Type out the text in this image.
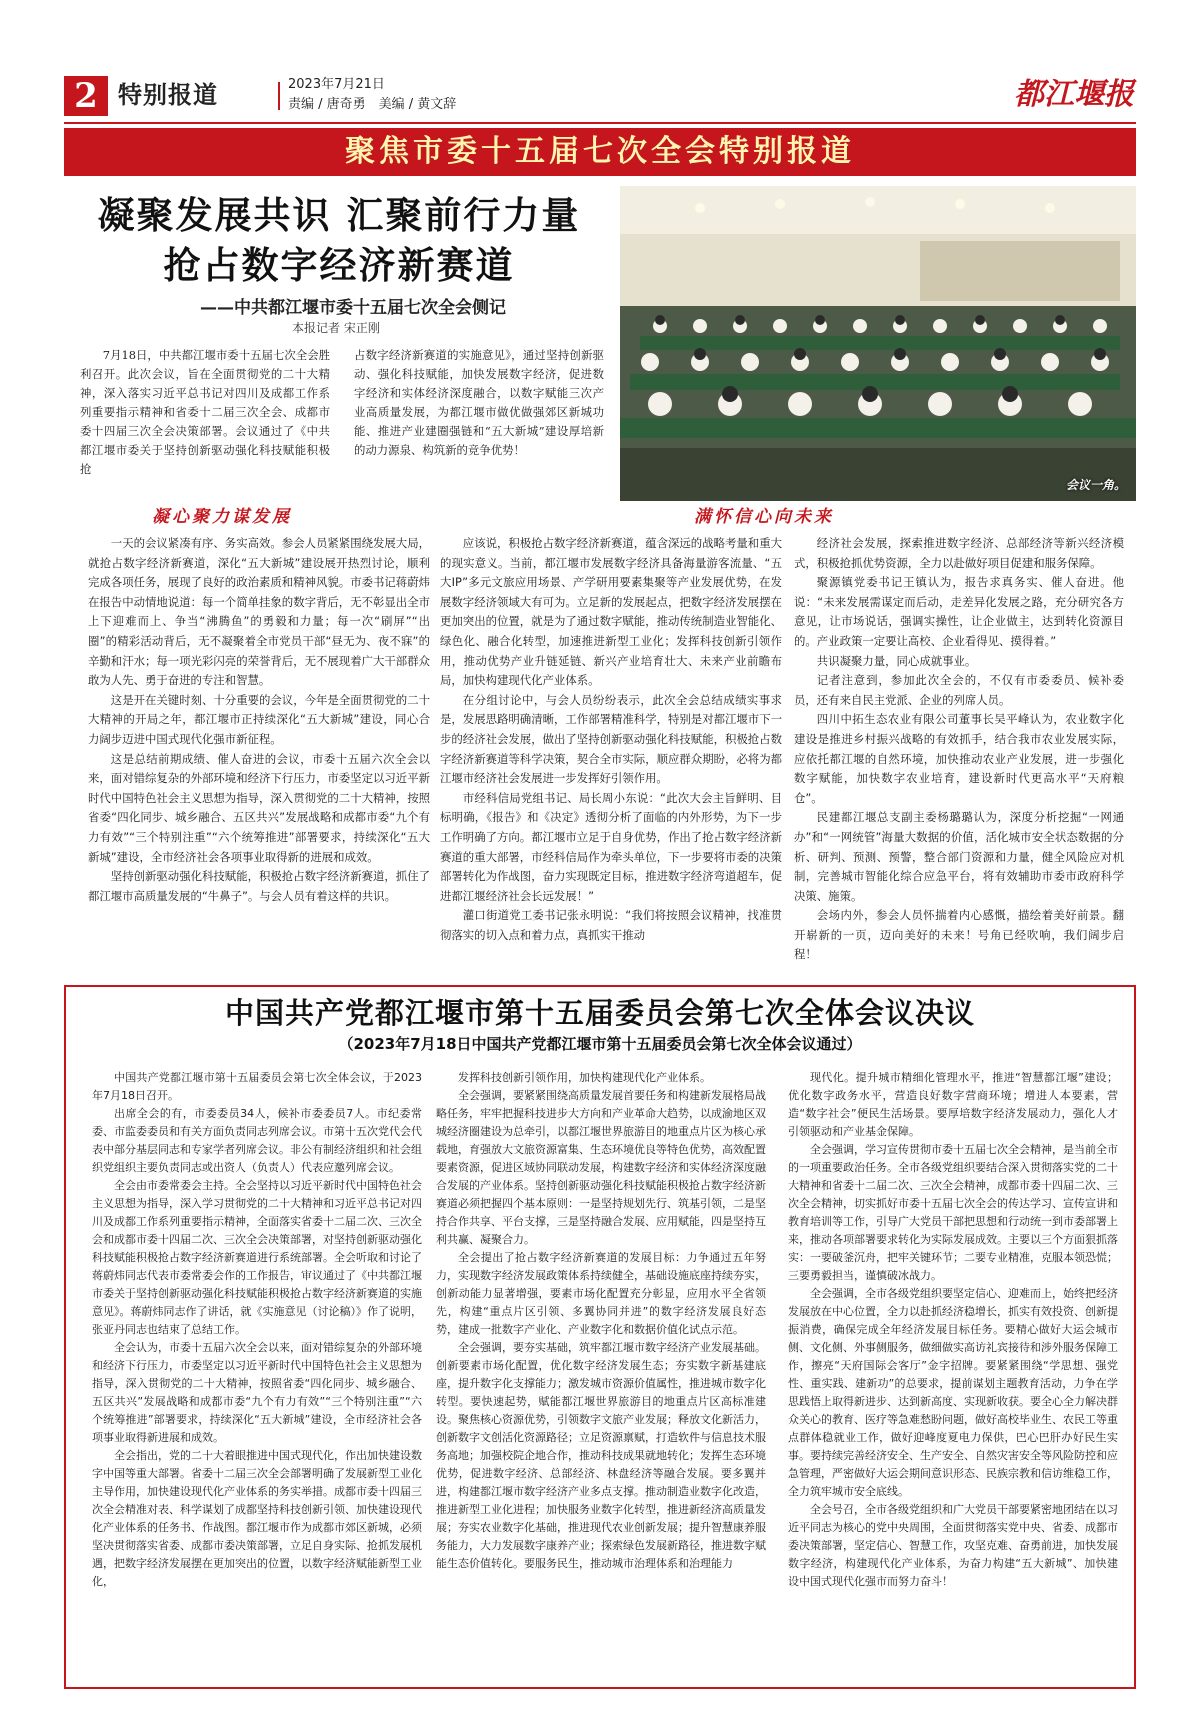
2 特别报道	2023年7月21日
责编 / 唐奇勇　美编 / 黄文辞	都江堰报
聚焦市委十五届七次全会特别报道
凝聚发展共识 汇聚前行力量
抢占数字经济新赛道
——中共都江堰市委十五届七次全会侧记
本报记者 宋正刚

7月18日，中共都江堰市委十五届七次全会胜利召开。此次会议，旨在全面贯彻党的二十大精神，深入落实习近平总书记对四川及成都工作系列重要指示精神和省委十二届三次全会、成都市委十四届三次全会决策部署。会议通过了《中共都江堰市委关于坚持创新驱动强化科技赋能积极抢

占数字经济新赛道的实施意见》，通过坚持创新驱动、强化科技赋能，加快发展数字经济，促进数字经济和实体经济深度融合，以数字赋能三次产业高质量发展，为都江堰市做优做强郊区新城功能、推进产业建圈强链和“五大新城”建设厚培新的动力源泉、构筑新的竞争优势！

会议一角。
凝心聚力谋发展	满怀信心向未来

一天的会议紧凑有序、务实高效。参会人员紧紧围绕发展大局，就抢占数字经济新赛道，深化“五大新城”建设展开热烈讨论，顺利完成各项任务，展现了良好的政治素质和精神风貌。市委书记蒋蔚炜在报告中动情地说道：每一个简单挂象的数字背后，无不彰显出全市上下迎难而上、争当“沸腾鱼”的勇毅和力量；每一次“刷屏”“出圈”的精彩活动背后，无不凝聚着全市党员干部“昼无为、夜不寐”的辛勤和汗水；每一项光彩闪亮的荣誉背后，无不展现着广大干部群众敢为人先、勇于奋进的专注和智慧。

这是开在关键时刻、十分重要的会议，今年是全面贯彻党的二十大精神的开局之年，都江堰市正持续深化“五大新城”建设，同心合力阔步迈进中国式现代化强市新征程。

这是总结前期成绩、催人奋进的会议，市委十五届六次全会以来，面对错综复杂的外部环境和经济下行压力，市委坚定以习近平新时代中国特色社会主义思想为指导，深入贯彻党的二十大精神，按照省委“四化同步、城乡融合、五区共兴”发展战略和成都市委“九个有力有效”“三个特别注重”“六个统筹推进”部署要求，持续深化“五大新城”建设，全市经济社会各项事业取得新的进展和成效。

坚持创新驱动强化科技赋能，积极抢占数字经济新赛道，抓住了都江堰市高质量发展的“牛鼻子”。与会人员有着这样的共识。

应该说，积极抢占数字经济新赛道，蕴含深远的战略考量和重大的现实意义。当前，都江堰市发展数字经济具备海量游客流量、“五大IP”多元文旅应用场景、产学研用要素集聚等产业发展优势，在发展数字经济领域大有可为。立足新的发展起点，把数字经济发展摆在更加突出的位置，就是为了通过数字赋能，推动传统制造业智能化、绿色化、融合化转型，加速推进新型工业化；发挥科技创新引领作用，推动优势产业升链延链、新兴产业培育壮大、未来产业前瞻布局，加快构建现代化产业体系。

在分组讨论中，与会人员纷纷表示，此次全会总结成绩实事求是，发展思路明确清晰，工作部署精准科学，特别是对都江堰市下一步的经济社会发展，做出了坚持创新驱动强化科技赋能，积极抢占数字经济新赛道等科学决策，契合全市实际，顺应群众期盼，必将为都江堰市经济社会发展进一步发挥好引领作用。

市经科信局党组书记、局长周小东说：“此次大会主旨鲜明、目标明确，《报告》和《决定》透彻分析了面临的内外形势，为下一步工作明确了方向。都江堰市立足于自身优势，作出了抢占数字经济新赛道的重大部署，市经科信局作为牵头单位，下一步要将市委的决策部署转化为作战图，奋力实现既定目标，推进数字经济弯道超车，促进都江堰经济社会长远发展！”

灌口街道党工委书记张永明说：“我们将按照会议精神，找准贯彻落实的切入点和着力点，真抓实干推动

经济社会发展，探索推进数字经济、总部经济等新兴经济模式，积极抢抓优势资源，全力以赴做好项目促建和服务保障。

聚源镇党委书记王镇认为，报告求真务实、催人奋进。他说：“未来发展需谋定而后动，走差异化发展之路，充分研究各方意见，让市场说话，强调实操性，让企业做主，达到转化资源目的。产业政策一定要让高校、企业看得见、摸得着。”

共识凝聚力量，同心成就事业。

记者注意到，参加此次全会的，不仅有市委委员、候补委员，还有来自民主党派、企业的列席人员。

四川中拓生态农业有限公司董事长吴平峰认为，农业数字化建设是推进乡村振兴战略的有效抓手，结合我市农业发展实际，应依托都江堰的自然环境，加快推动农业产业发展，进一步强化数字赋能，加快数字农业培育，建设新时代更高水平“天府粮仓”。

民建都江堰总支副主委杨璐璐认为，深度分析挖掘“一网通办”和“一网统管”海量大数据的价值，活化城市安全状态数据的分析、研判、预测、预警，整合部门资源和力量，健全风险应对机制，完善城市智能化综合应急平台，将有效辅助市委市政府科学决策、施策。

会场内外，参会人员怀揣着内心感慨，描绘着美好前景。翻开崭新的一页，迈向美好的未来！号角已经吹响，我们阔步启程！

中国共产党都江堰市第十五届委员会第七次全体会议决议
（2023年7月18日中国共产党都江堰市第十五届委员会第七次全体会议通过）

中国共产党都江堰市第十五届委员会第七次全体会议，于2023年7月18日召开。

出席全会的有，市委委员34人，候补市委委员7人。市纪委常委、市监委委员和有关方面负责同志列席会议。市第十五次党代会代表中部分基层同志和专家学者列席会议。非公有制经济组织和社会组织党组织主要负责同志或出资人（负责人）代表应邀列席会议。

全会由市委常委会主持。全会坚持以习近平新时代中国特色社会主义思想为指导，深入学习贯彻党的二十大精神和习近平总书记对四川及成都工作系列重要指示精神，全面落实省委十二届二次、三次全会和成都市委十四届二次、三次全会决策部署，对坚持创新驱动强化科技赋能积极抢占数字经济新赛道进行系统部署。全会听取和讨论了蒋蔚炜同志代表市委常委会作的工作报告，审议通过了《中共都江堰市委关于坚持创新驱动强化科技赋能积极抢占数字经济新赛道的实施意见》。蒋蔚炜同志作了讲话，就《实施意见（讨论稿）》作了说明，张亚丹同志也结束了总结工作。

全会认为，市委十五届六次全会以来，面对错综复杂的外部环境和经济下行压力，市委坚定以习近平新时代中国特色社会主义思想为指导，深入贯彻党的二十大精神，按照省委“四化同步、城乡融合、五区共兴”发展战略和成都市委“九个有力有效”“三个特别注重”“六个统筹推进”部署要求，持续深化“五大新城”建设，全市经济社会各项事业取得新进展和成效。

全会指出，党的二十大着眼推进中国式现代化，作出加快建设数字中国等重大部署。省委十二届三次全会部署明确了发展新型工业化主导作用，加快建设现代化产业体系的务实举措。成都市委十四届三次全会精准对表、科学谋划了成都坚持科技创新引领、加快建设现代化产业体系的任务书、作战图。都江堰市作为成都市郊区新城，必须坚决贯彻落实省委、成都市委决策部署，立足自身实际、抢抓发展机遇，把数字经济发展摆在更加突出的位置，以数字经济赋能新型工业化，

发挥科技创新引领作用，加快构建现代化产业体系。

全会强调，要紧紧围绕高质量发展首要任务和构建新发展格局战略任务，牢牢把握科技进步大方向和产业革命大趋势，以成渝地区双城经济圈建设为总牵引，以都江堰世界旅游目的地重点片区为核心承载地，育强放大文旅资源富集、生态环境优良等特色优势，高效配置要素资源，促进区域协同联动发展，构建数字经济和实体经济深度融合发展的产业体系。坚持创新驱动强化科技赋能积极抢占数字经济新赛道必须把握四个基本原则：一是坚持规划先行、筑基引领，二是坚持合作共享、平台支撑，三是坚持融合发展、应用赋能，四是坚持互利共赢、凝聚合力。

全会提出了抢占数字经济新赛道的发展目标：力争通过五年努力，实现数字经济发展政策体系持续健全，基础设施底座持续夯实，创新动能力显著增强，要素市场化配置充分彰显，应用水平全省领先，构建“重点片区引领、多翼协同并进”的数字经济发展良好态势，建成一批数字产业化、产业数字化和数据价值化试点示范。

全会强调，要夯实基础，筑牢都江堰市数字经济产业发展基础。创新要素市场化配置，优化数字经济发展生态；夯实数字新基建底座，提升数字化支撑能力；激发城市资源价值属性，推进城市数字化转型。要快速起势，赋能都江堰世界旅游目的地重点片区高标准建设。聚焦核心资源优势，引领数字文旅产业发展；释放文化新活力，创新数字文创活化资源路径；立足资源禀赋，打造软件与信息技术服务高地；加强校院企地合作，推动科技成果就地转化；发挥生态环境优势，促进数字经济、总部经济、林盘经济等融合发展。要多翼并进，构建都江堰市数字经济产业多点支撑。推动制造业数字化改造，推进新型工业化进程；加快服务业数字化转型，推进新经济高质量发展；夯实农业数字化基础，推进现代农业创新发展；提升智慧康养服务能力，大力发展数字康养产业；探索绿色发展新路径，推进数字赋能生态价值转化。要服务民生，推动城市治理体系和治理能力

现代化。提升城市精细化管理水平，推进“智慧都江堰”建设；优化数字政务水平，营造良好数字营商环境；增进人本要素，营造“数字社会”便民生活场景。要厚培数字经济发展动力，强化人才引领驱动和产业基金保障。

全会强调，学习宣传贯彻市委十五届七次全会精神，是当前全市的一项重要政治任务。全市各级党组织要结合深入贯彻落实党的二十大精神和省委十二届二次、三次全会精神，成都市委十四届二次、三次全会精神，切实抓好市委十五届七次全会的传达学习、宣传宣讲和教育培训等工作，引导广大党员干部把思想和行动统一到市委部署上来，推动各项部署要求转化为实际发展成效。主要以三个方面狠抓落实：一要破釜沉舟，把牢关键环节；二要专业精准，克服本领恐慌；三要勇毅担当，谨慎破冰战力。

全会强调，全市各级党组织要坚定信心、迎难而上，始终把经济发展放在中心位置，全力以赴抓经济稳增长，抓实有效投资、创新提振消费，确保完成全年经济发展目标任务。要精心做好大运会城市侧、文化侧、外事侧服务，做细做实高访礼宾接待和涉外服务保障工作，擦亮“天府国际会客厅”金字招牌。要紧紧围绕“学思想、强党性、重实践、建新功”的总要求，提前谋划主题教育活动，力争在学思践悟上取得新进步、达到新高度、实现新收获。要全心全力解决群众关心的教育、医疗等急难愁盼问题，做好高校毕业生、农民工等重点群体稳就业工作，做好迎峰度夏电力保供，巴心巴肝办好民生实事。要持续完善经济安全、生产安全、自然灾害安全等风险防控和应急管理，严密做好大运会期间意识形态、民族宗教和信访维稳工作，全力筑牢城市安全底线。

全会号召，全市各级党组织和广大党员干部要紧密地团结在以习近平同志为核心的党中央周围，全面贯彻落实党中央、省委、成都市委决策部署，坚定信心、智慧工作，攻坚克难、奋勇前进，加快发展数字经济，构建现代化产业体系，为奋力构建“五大新城”、加快建设中国式现代化强市而努力奋斗！
